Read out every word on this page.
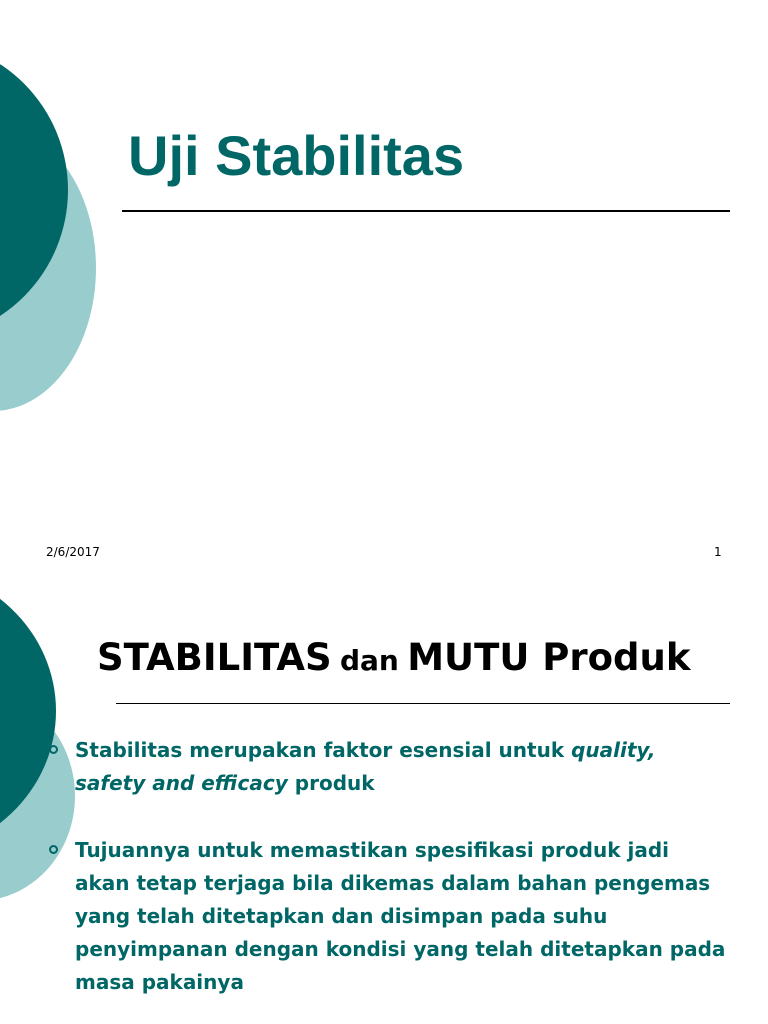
Uji Stabilitas
2/6/2017	1
STABILITAS dan MUTU Produk
Stabilitas merupakan faktor esensial untuk quality, safety and efficacy produk
Tujuannya untuk memastikan spesifikasi produk jadi akan tetap terjaga bila dikemas dalam bahan pengemas yang telah ditetapkan dan disimpan pada suhu penyimpanan dengan kondisi yang telah ditetapkan pada masa pakainya
